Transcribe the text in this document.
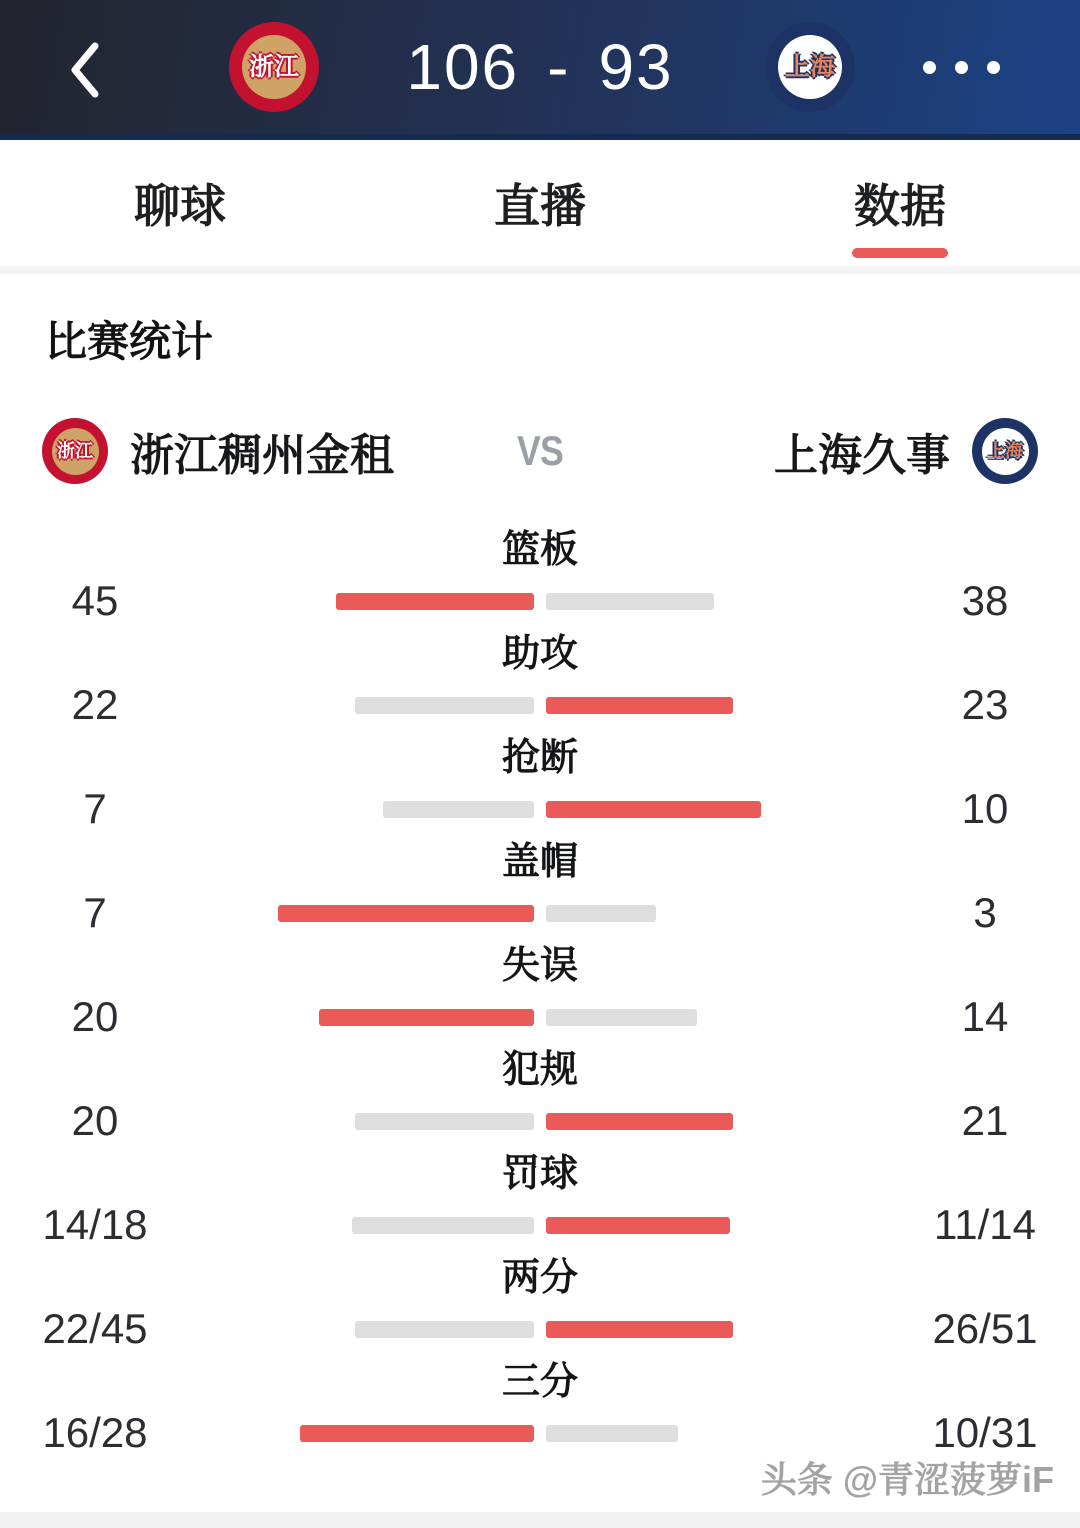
浙江 106 - 93	上海
聊球	直播	数据
比赛统计
浙江 浙江稠州金租	VS	上海久事	上海
篮板
45	38
助攻
22	23
抢断
7	10
盖帽
7	3
失误
20	14
犯规
20	21
罚球
14/18	11/14
两分
22/45	26/51
三分
16/28	10/31
头条 @青涩菠萝iF
